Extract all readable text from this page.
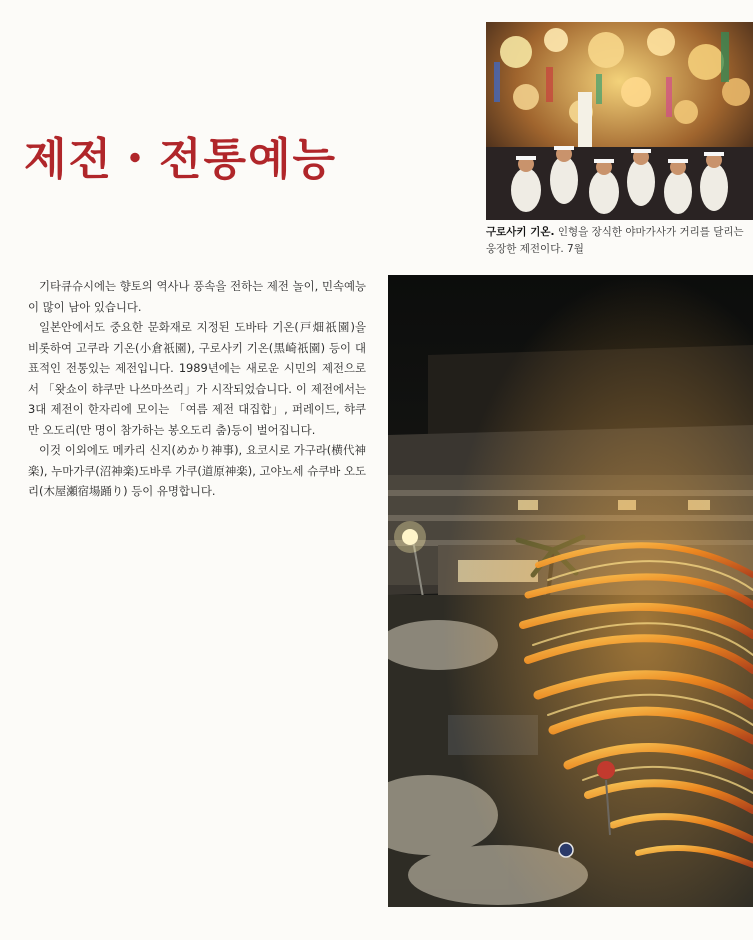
구로사키 기온. 인형을 장식한 야마가사가 거리를 달리는 웅장한 제전이다. 7월
제전・전통예능

기타큐슈시에는 향토의 역사나 풍속을 전하는 제전 놀이, 민속예능이 많이 남아 있습니다.

일본안에서도 중요한 문화재로 지정된 도바타 기온(戸畑祇園)을 비롯하여 고쿠라 기온(小倉祇園), 구로사키 기온(黒崎祇園) 등이 대표적인 전통있는 제전입니다. 1989년에는 새로운 시민의 제전으로서 「왓쇼이 햐쿠만 나쓰마쓰리」가 시작되었습니다. 이 제전에서는 3대 제전이 한자리에 모이는 「여름 제전 대집합」, 퍼레이드, 햐쿠만 오도리(만 명이 참가하는 봉오도리 춤)등이 벌어집니다.

이것 이외에도 메카리 신지(めかり神事), 요코시로 가구라(横代神楽), 누마가쿠(沼神楽)도바루 가쿠(道原神楽), 고야노세 슈쿠바 오도리(木屋瀬宿場踊り) 등이 유명합니다.
